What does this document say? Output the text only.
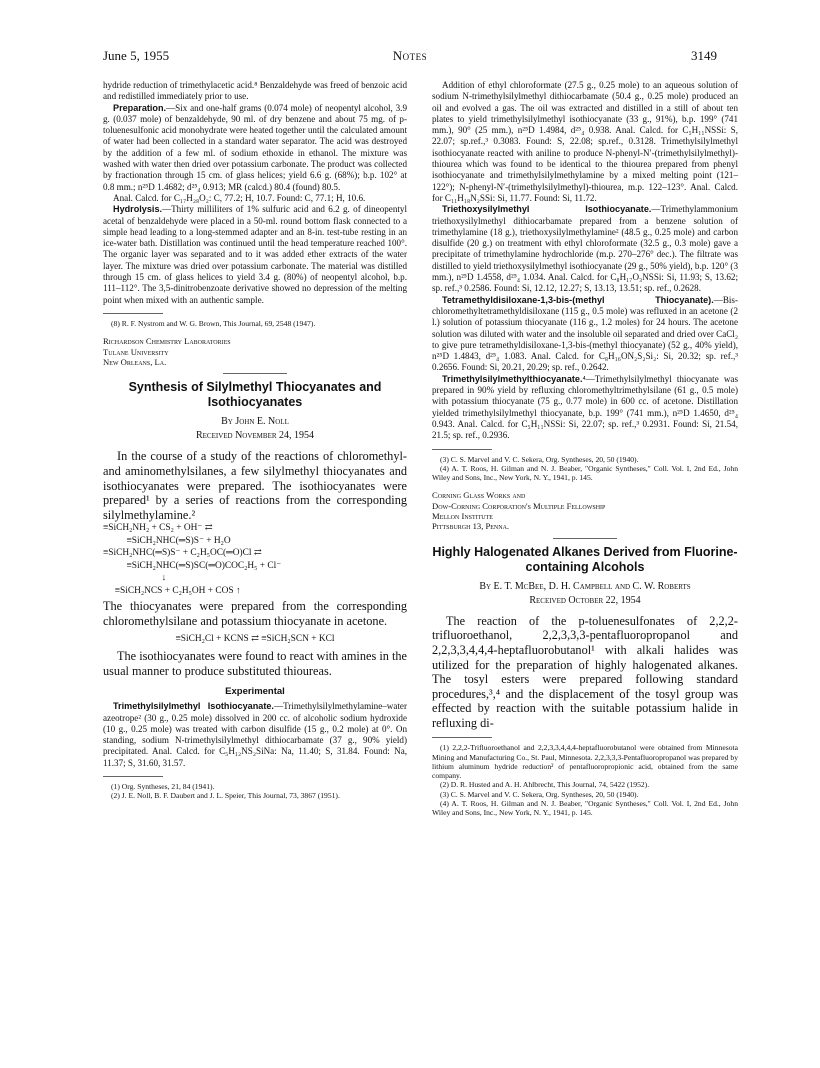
June 5, 1955	Notes	3149

hydride reduction of trimethylacetic acid.⁸ Benzaldehyde was freed of benzoic acid and redistilled immediately prior to use.

Preparation.—Six and one-half grams (0.074 mole) of neopentyl alcohol, 3.9 g. (0.037 mole) of benzaldehyde, 90 ml. of dry benzene and about 75 mg. of p-toluenesulfonic acid monohydrate were heated together until the calculated amount of water had been collected in a standard water separator. The acid was destroyed by the addition of a few ml. of sodium ethoxide in ethanol. The mixture was washed with water then dried over potassium carbonate. The product was collected by fractionation through 15 cm. of glass helices; yield 6.6 g. (68%); b.p. 102° at 0.8 mm.; n²⁵D 1.4682; d²⁵₄ 0.913; MR (calcd.) 80.4 (found) 80.5.

Anal. Calcd. for C₁₇H₂₈O₂: C, 77.2; H, 10.7. Found: C, 77.1; H, 10.6.

Hydrolysis.—Thirty milliliters of 1% sulfuric acid and 6.2 g. of dineopentyl acetal of benzaldehyde were placed in a 50-ml. round bottom flask connected to a simple head leading to a long-stemmed adapter and an 8-in. test-tube resting in an ice-water bath. Distillation was continued until the head temperature reached 100°. The organic layer was separated and to it was added ether extracts of the water layer. The mixture was dried over potassium carbonate. The material was distilled through 15 cm. of glass helices to yield 3.4 g. (80%) of neopentyl alcohol, b.p. 111–112°. The 3,5-dinitrobenzoate derivative showed no depression of the melting point when mixed with an authentic sample.

(8) R. F. Nystrom and W. G. Brown, This Journal, 69, 2548 (1947).

Richardson Chemistry Laboratories
Tulane University
New Orleans, La.
Synthesis of Silylmethyl Thiocyanates and Isothiocyanates
By John E. Noll
Received November 24, 1954

In the course of a study of the reactions of chloromethyl- and aminomethylsilanes, a few silylmethyl thiocyanates and isothiocyanates were prepared. The isothiocyanates were prepared¹ by a series of reactions from the corresponding silylmethylamine.²

≡SiCH₂NH₂ + CS₂ + OH⁻ ⇄
≡SiCH₂NHC(═S)S⁻ + H₂O
≡SiCH₂NHC(═S)S⁻ + C₂H₅OC(═O)Cl ⇄
≡SiCH₂NHC(═S)SC(═O)COC₂H₅ + Cl⁻
↓
≡SiCH₂NCS + C₂H₅OH + COS ↑

The thiocyanates were prepared from the corresponding chloromethylsilane and potassium thiocyanate in acetone.

≡SiCH₂Cl + KCNS ⇄ ≡SiCH₂SCN + KCl

The isothiocyanates were found to react with amines in the usual manner to produce substituted thioureas.

Experimental

Trimethylsilylmethyl Isothiocyanate.—Trimethylsilylmethylamine–water azeotrope² (30 g., 0.25 mole) dissolved in 200 cc. of alcoholic sodium hydroxide (10 g., 0.25 mole) was treated with carbon disulfide (15 g., 0.2 mole) at 0°. On standing, sodium N-trimethylsilylmethyl dithiocarbamate (37 g., 90% yield) precipitated. Anal. Calcd. for C₅H₁₂NS₂SiNa: Na, 11.40; S, 31.84. Found: Na, 11.37; S, 31.60, 31.57.

(1) Org. Syntheses, 21, 84 (1941).

(2) J. E. Noll, B. F. Daubert and J. L. Speier, This Journal, 73, 3867 (1951).

Addition of ethyl chloroformate (27.5 g., 0.25 mole) to an aqueous solution of sodium N-trimethylsilylmethyl dithiocarbamate (50.4 g., 0.25 mole) produced an oil and evolved a gas. The oil was extracted and distilled in a still of about ten plates to yield trimethylsilylmethyl isothiocyanate (33 g., 91%), b.p. 199° (741 mm.), 90° (25 mm.), n²⁵D 1.4984, d²⁵₄ 0.938. Anal. Calcd. for C₅H₁₁NSSi: S, 22.07; sp.ref.,³ 0.3083. Found: S, 22.08; sp.ref., 0.3128. Trimethylsilylmethyl isothiocyanate reacted with aniline to produce N-phenyl-N′-(trimethylsilylmethyl)-thiourea which was found to be identical to the thiourea prepared from phenyl isothiocyanate and trimethylsilylmethylamine by a mixed melting point (121–122°); N-phenyl-N′-(trimethylsilylmethyl)-thiourea, m.p. 122–123°. Anal. Calcd. for C₁₁H₁₈N₂SSi: Si, 11.77. Found: Si, 11.72.

Triethoxysilylmethyl Isothiocyanate.—Trimethylammonium triethoxysilylmethyl dithiocarbamate prepared from a benzene solution of trimethylamine (18 g.), triethoxysilylmethylamine² (48.5 g., 0.25 mole) and carbon disulfide (20 g.) on treatment with ethyl chloroformate (32.5 g., 0.3 mole) gave a precipitate of trimethylamine hydrochloride (m.p. 270–276° dec.). The filtrate was distilled to yield triethoxysilylmethyl isothiocyanate (29 g., 50% yield), b.p. 120° (3 mm.), n²⁵D 1.4558, d²⁵₄ 1.034. Anal. Calcd. for C₈H₁₇O₃NSSi: Si, 11.93; S, 13.62; sp. ref.,³ 0.2586. Found: Si, 12.12, 12.27; S, 13.13, 13.51; sp. ref., 0.2628.

Tetramethyldisiloxane-1,3-bis-(methyl Thiocyanate).—Bis-chloromethyltetramethyldisiloxane (115 g., 0.5 mole) was refluxed in an acetone (2 l.) solution of potassium thiocyanate (116 g., 1.2 moles) for 24 hours. The acetone solution was diluted with water and the insoluble oil separated and dried over CaCl₂ to give pure tetramethyldisiloxane-1,3-bis-(methyl thiocyanate) (52 g., 40% yield), n²⁵D 1.4843, d²⁵₄ 1.083. Anal. Calcd. for C₈H₁₆ON₂S₂Si₂: Si, 20.32; sp. ref.,³ 0.2656. Found: Si, 20.21, 20.29; sp. ref., 0.2642.

Trimethylsilylmethylthiocyanate.⁴—Trimethylsilylmethyl thiocyanate was prepared in 90% yield by refluxing chloromethyltrimethylsilane (61 g., 0.5 mole) with potassium thiocyanate (75 g., 0.77 mole) in 600 cc. of acetone. Distillation yielded trimethylsilylmethyl thiocyanate, b.p. 199° (741 mm.), n²⁵D 1.4650, d²⁵₄ 0.943. Anal. Calcd. for C₅H₁₁NSSi: Si, 22.07; sp. ref.,³ 0.2931. Found: Si, 21.54, 21.5; sp. ref., 0.2936.

(3) C. S. Marvel and V. C. Sekera, Org. Syntheses, 20, 50 (1940).

(4) A. T. Roos, H. Gilman and N. J. Beaber, "Organic Syntheses," Coll. Vol. I, 2nd Ed., John Wiley and Sons, Inc., New York, N. Y., 1941, p. 145.

Corning Glass Works and
Dow-Corning Corporation's Multiple Fellowship
Mellon Institute
Pittsburgh 13, Penna.
Highly Halogenated Alkanes Derived from Fluorine-containing Alcohols
By E. T. McBee, D. H. Campbell and C. W. Roberts
Received October 22, 1954

The reaction of the p-toluenesulfonates of 2,2,2-trifluoroethanol, 2,2,3,3,3-pentafluoropropanol and 2,2,3,3,4,4,4-heptafluorobutanol¹ with alkali halides was utilized for the preparation of highly halogenated alkanes. The tosyl esters were prepared following standard procedures,³,⁴ and the displacement of the tosyl group was effected by reaction with the suitable potassium halide in refluxing di-

(1) 2,2,2-Trifluoroethanol and 2,2,3,3,4,4,4-heptafluorobutanol were obtained from Minnesota Mining and Manufacturing Co., St. Paul, Minnesota. 2,2,3,3,3-Pentafluoropropanol was prepared by lithium aluminum hydride reduction² of pentafluoropropionic acid, obtained from the same company.

(2) D. R. Husted and A. H. Ahlbrecht, This Journal, 74, 5422 (1952).

(3) C. S. Marvel and V. C. Sekera, Org. Syntheses, 20, 50 (1940).

(4) A. T. Roos, H. Gilman and N. J. Beaber, "Organic Syntheses," Coll. Vol. I, 2nd Ed., John Wiley and Sons, Inc., New York, N. Y., 1941, p. 145.
